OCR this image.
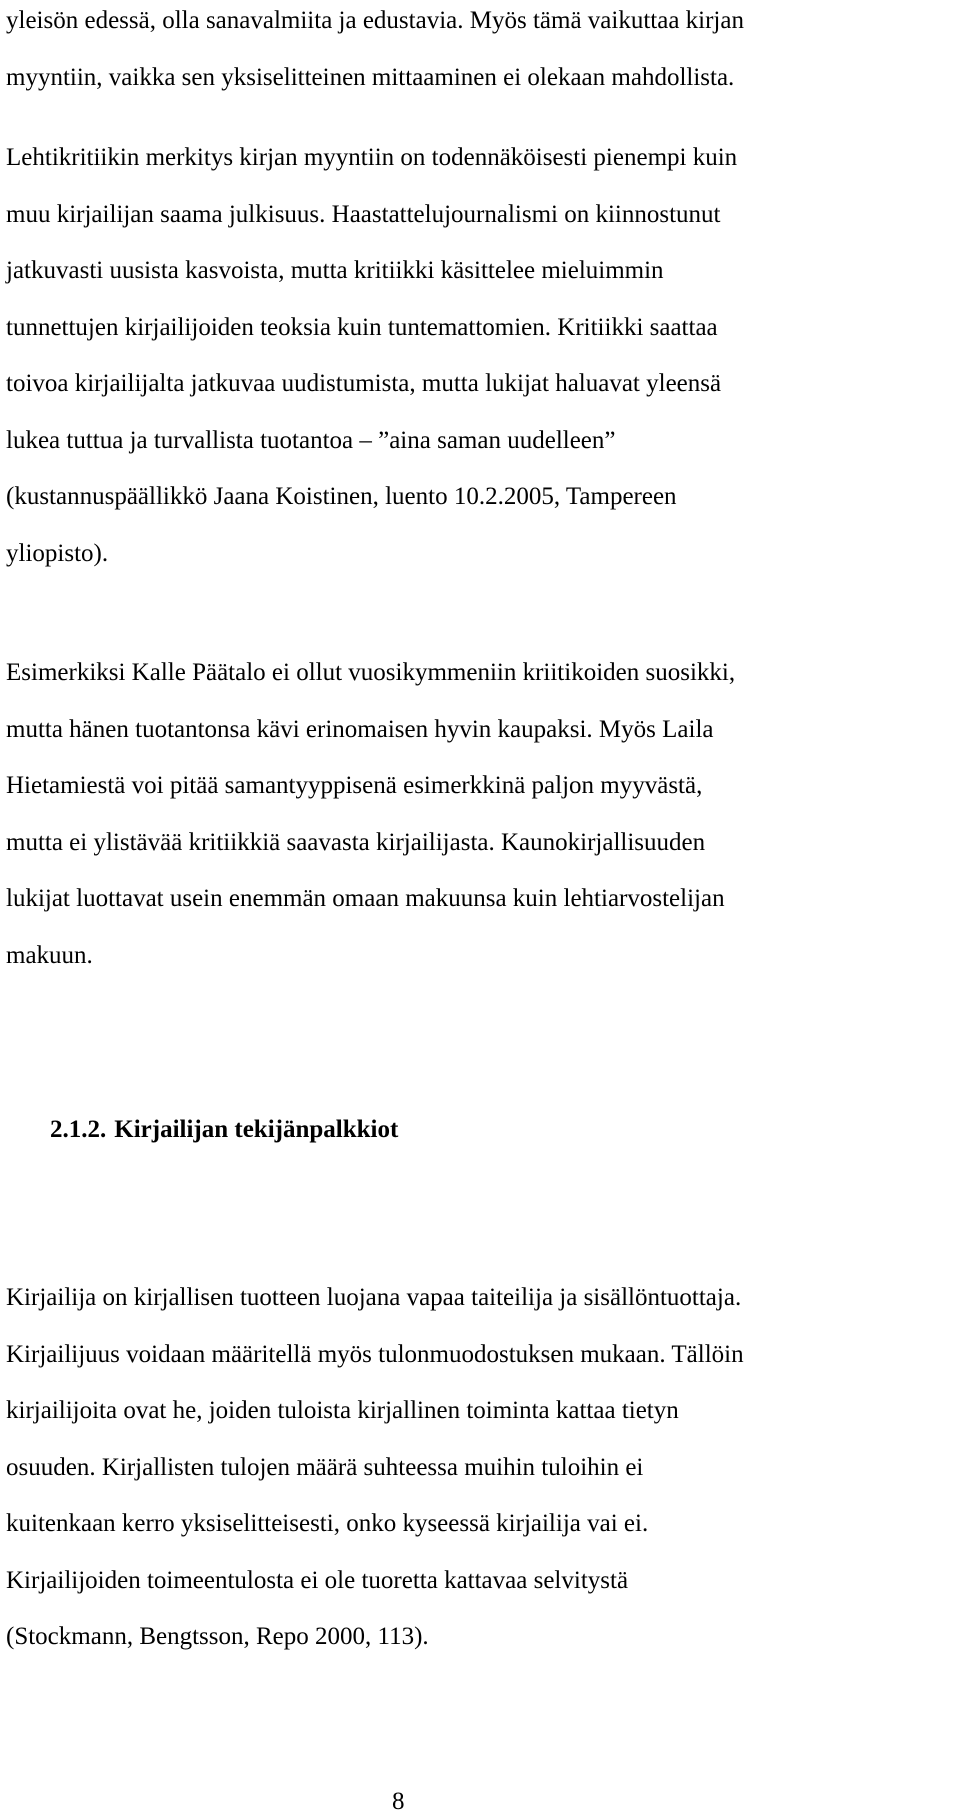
yleisön edessä, olla sanavalmiita ja edustavia. Myös tämä vaikuttaa kirjan
myyntiin, vaikka sen yksiselitteinen mittaaminen ei olekaan mahdollista.

Lehtikritiikin merkitys kirjan myyntiin on todennäköisesti pienempi kuin
muu kirjailijan saama julkisuus. Haastattelujournalismi on kiinnostunut
jatkuvasti uusista kasvoista, mutta kritiikki käsittelee mieluimmin
tunnettujen kirjailijoiden teoksia kuin tuntemattomien. Kritiikki saattaa
toivoa kirjailijalta jatkuvaa uudistumista, mutta lukijat haluavat yleensä
lukea tuttua ja turvallista tuotantoa – ”aina saman uudelleen”
(kustannuspäällikkö Jaana Koistinen, luento 10.2.2005, Tampereen
yliopisto).

Esimerkiksi Kalle Päätalo ei ollut vuosikymmeniin kriitikoiden suosikki,
mutta hänen tuotantonsa kävi erinomaisen hyvin kaupaksi. Myös Laila
Hietamiestä voi pitää samantyyppisenä esimerkkinä paljon myyvästä,
mutta ei ylistävää kritiikkiä saavasta kirjailijasta. Kaunokirjallisuuden
lukijat luottavat usein enemmän omaan makuunsa kuin lehtiarvostelijan
makuun.

2.1.2. Kirjailijan tekijänpalkkiot

Kirjailija on kirjallisen tuotteen luojana vapaa taiteilija ja sisällöntuottaja.
Kirjailijuus voidaan määritellä myös tulonmuodostuksen mukaan. Tällöin
kirjailijoita ovat he, joiden tuloista kirjallinen toiminta kattaa tietyn
osuuden. Kirjallisten tulojen määrä suhteessa muihin tuloihin ei
kuitenkaan kerro yksiselitteisesti, onko kyseessä kirjailija vai ei.
Kirjailijoiden toimeentulosta ei ole tuoretta kattavaa selvitystä
(Stockmann, Bengtsson, Repo 2000, 113).

8
